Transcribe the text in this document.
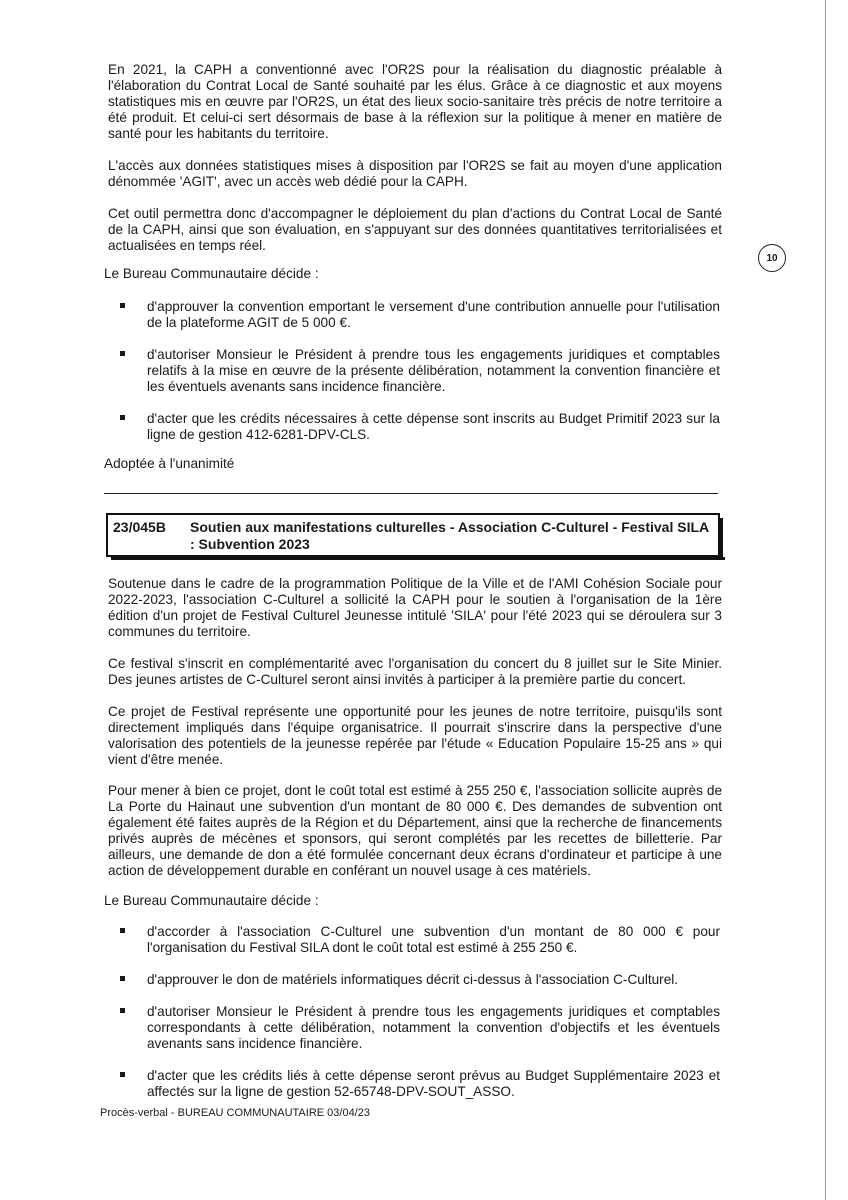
En 2021, la CAPH a conventionné avec l'OR2S pour la réalisation du diagnostic préalable à l'élaboration du Contrat Local de Santé souhaité par les élus. Grâce à ce diagnostic et aux moyens statistiques mis en œuvre par l'OR2S, un état des lieux socio-sanitaire très précis de notre territoire a été produit. Et celui-ci sert désormais de base à la réflexion sur la politique à mener en matière de santé pour les habitants du territoire.

L'accès aux données statistiques mises à disposition par l'OR2S se fait au moyen d'une application dénommée 'AGIT', avec un accès web dédié pour la CAPH.

Cet outil permettra donc d'accompagner le déploiement du plan d'actions du Contrat Local de Santé de la CAPH, ainsi que son évaluation, en s'appuyant sur des données quantitatives territorialisées et actualisées en temps réel.

10

Le Bureau Communautaire décide :

d'approuver la convention emportant le versement d'une contribution annuelle pour l'utilisation de la plateforme AGIT de 5 000 €.

d'autoriser Monsieur le Président à prendre tous les engagements juridiques et comptables relatifs à la mise en œuvre de la présente délibération, notamment la convention financière et les éventuels avenants sans incidence financière.

d'acter que les crédits nécessaires à cette dépense sont inscrits au Budget Primitif 2023 sur la ligne de gestion 412-6281-DPV-CLS.

Adoptée à l'unanimité

23/045B Soutien aux manifestations culturelles - Association C-Culturel - Festival SILA : Subvention 2023

Soutenue dans le cadre de la programmation Politique de la Ville et de l'AMI Cohésion Sociale pour 2022-2023, l'association C-Culturel a sollicité la CAPH pour le soutien à l'organisation de la 1ère édition d'un projet de Festival Culturel Jeunesse intitulé 'SILA' pour l'été 2023 qui se déroulera sur 3 communes du territoire.

Ce festival s'inscrit en complémentarité avec l'organisation du concert du 8 juillet sur le Site Minier. Des jeunes artistes de C-Culturel seront ainsi invités à participer à la première partie du concert.

Ce projet de Festival représente une opportunité pour les jeunes de notre territoire, puisqu'ils sont directement impliqués dans l'équipe organisatrice. Il pourrait s'inscrire dans la perspective d'une valorisation des potentiels de la jeunesse repérée par l'étude « Education Populaire 15-25 ans » qui vient d'être menée.

Pour mener à bien ce projet, dont le coût total est estimé à 255 250 €, l'association sollicite auprès de La Porte du Hainaut une subvention d'un montant de 80 000 €. Des demandes de subvention ont également été faites auprès de la Région et du Département, ainsi que la recherche de financements privés auprès de mécènes et sponsors, qui seront complétés par les recettes de billetterie. Par ailleurs, une demande de don a été formulée concernant deux écrans d'ordinateur et participe à une action de développement durable en conférant un nouvel usage à ces matériels.

Le Bureau Communautaire décide :

d'accorder à l'association C-Culturel une subvention d'un montant de 80 000 € pour l'organisation du Festival SILA dont le coût total est estimé à 255 250 €.

d'approuver le don de matériels informatiques décrit ci-dessus à l'association C-Culturel.

d'autoriser Monsieur le Président à prendre tous les engagements juridiques et comptables correspondants à cette délibération, notamment la convention d'objectifs et les éventuels avenants sans incidence financière.

d'acter que les crédits liés à cette dépense seront prévus au Budget Supplémentaire 2023 et affectés sur la ligne de gestion 52-65748-DPV-SOUT_ASSO.

Procès-verbal - BUREAU COMMUNAUTAIRE 03/04/23
